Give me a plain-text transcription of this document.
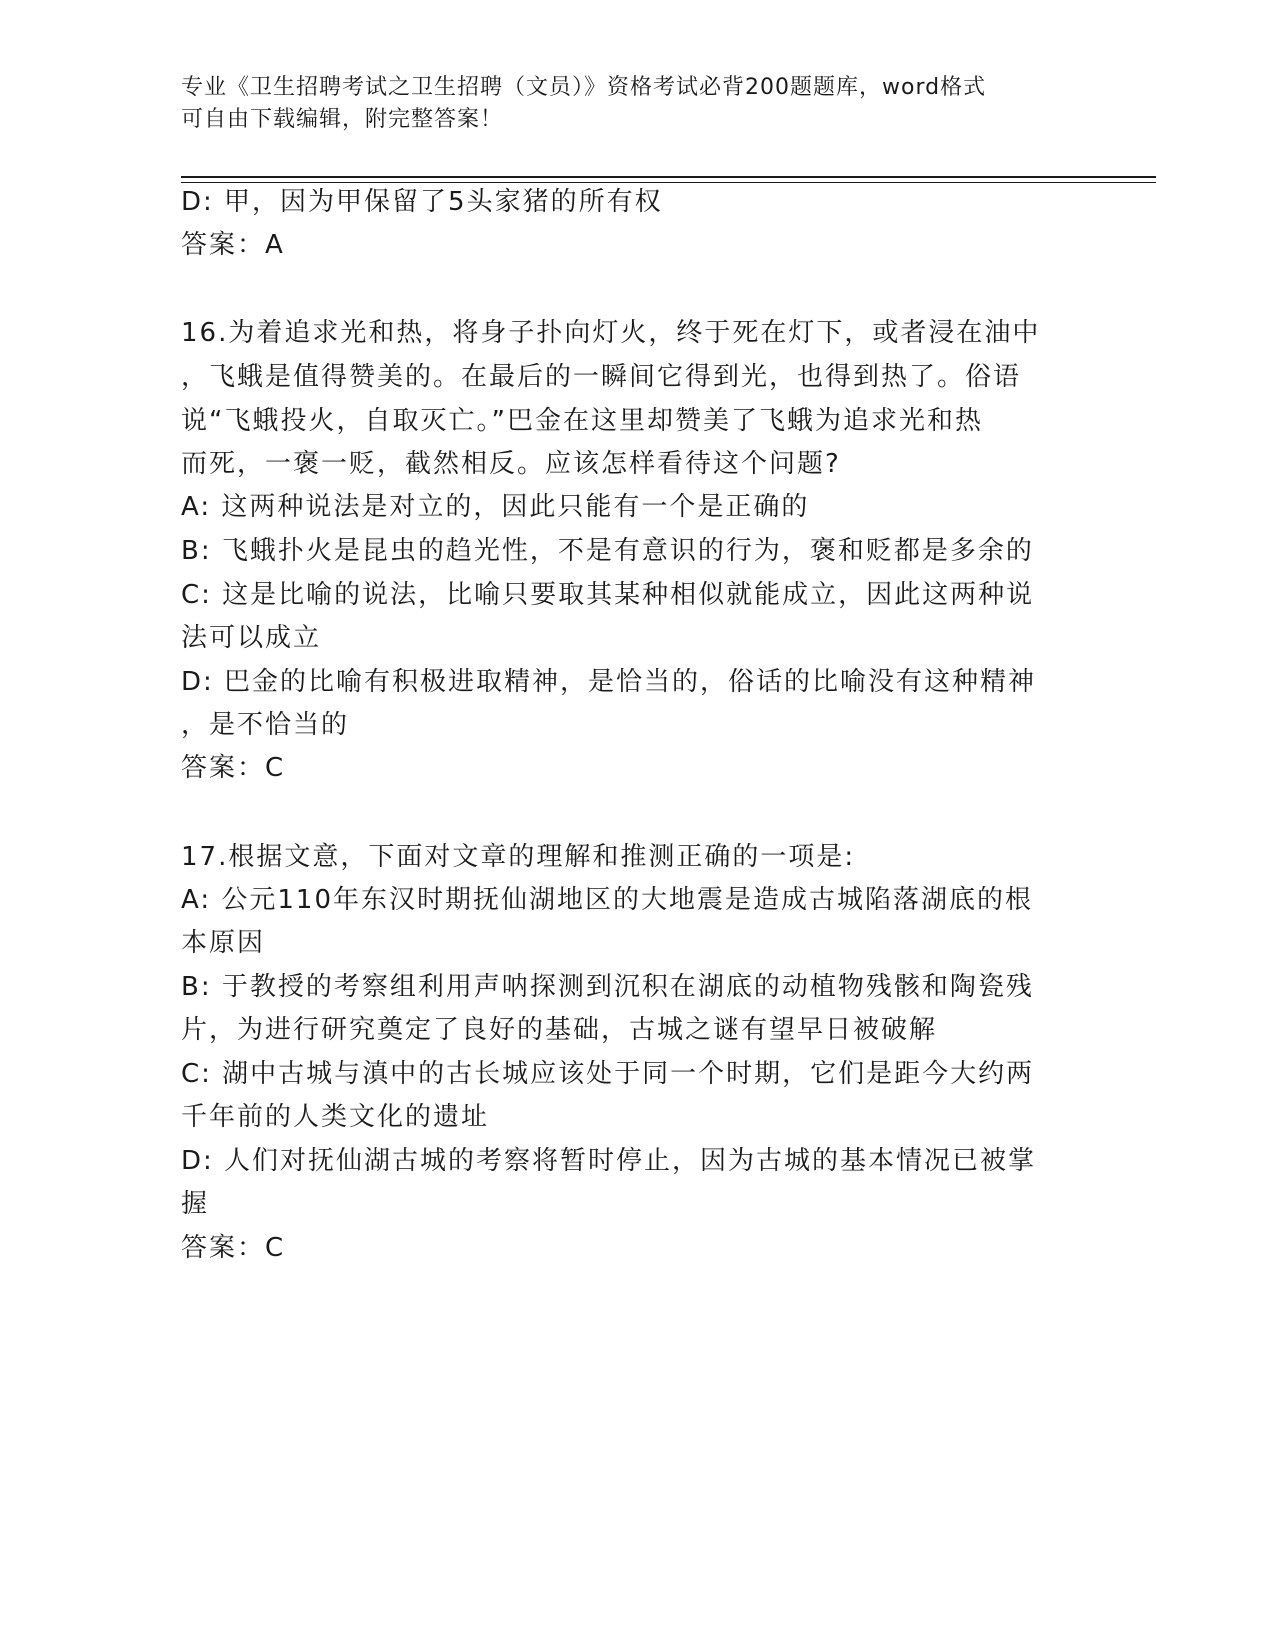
专业《卫生招聘考试之卫生招聘（文员）》资格考试必背200题题库，word格式
可自由下载编辑，附完整答案！
D: 甲，因为甲保留了5头家猪的所有权
答案：A
16.为着追求光和热，将身子扑向灯火，终于死在灯下，或者浸在油中
，飞蛾是值得赞美的。在最后的一瞬间它得到光，也得到热了。俗语
说“飞蛾投火，自取灭亡。”巴金在这里却赞美了飞蛾为追求光和热
而死，一褒一贬，截然相反。应该怎样看待这个问题?
A: 这两种说法是对立的，因此只能有一个是正确的
B: 飞蛾扑火是昆虫的趋光性，不是有意识的行为，褒和贬都是多余的
C: 这是比喻的说法，比喻只要取其某种相似就能成立，因此这两种说
法可以成立
D: 巴金的比喻有积极进取精神，是恰当的，俗话的比喻没有这种精神
，是不恰当的
答案：C
17.根据文意，下面对文章的理解和推测正确的一项是:
A: 公元110年东汉时期抚仙湖地区的大地震是造成古城陷落湖底的根
本原因
B: 于教授的考察组利用声呐探测到沉积在湖底的动植物残骸和陶瓷残
片，为进行研究奠定了良好的基础，古城之谜有望早日被破解
C: 湖中古城与滇中的古长城应该处于同一个时期，它们是距今大约两
千年前的人类文化的遗址
D: 人们对抚仙湖古城的考察将暂时停止，因为古城的基本情况已被掌
握
答案：C
